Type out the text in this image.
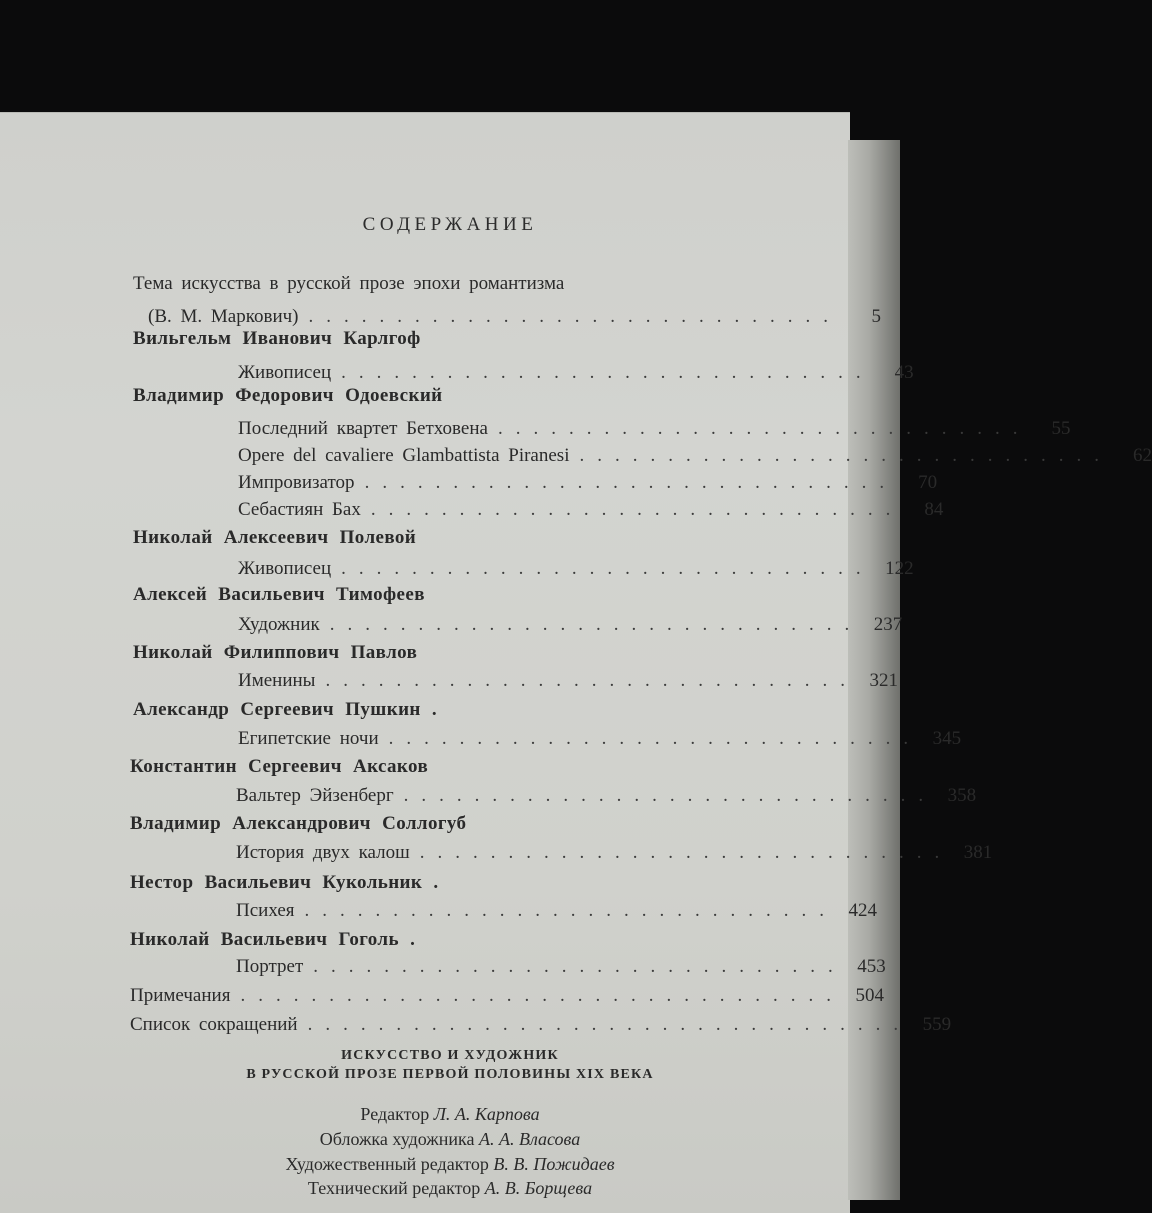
СОДЕРЖАНИЕ
Тема искусства в русской прозе эпохи романтизма
(В. М. Маркович) ..............................	5
Вильгельм Иванович Карлгоф
Живописец ..............................	43
Владимир Федорович Одоевский
Последний квартет Бетховена ..............................	55
Opere del cavaliere Glambattista Piranesi ..............................	62
Импровизатор ..............................	70
Себастиян Бах ..............................	84
Николай Алексеевич Полевой
Живописец .............................. 122
Алексей Васильевич Тимофеев
Художник .............................. 237
Николай Филиппович Павлов
Именины .............................. 321
Александр Сергеевич Пушкин .
Египетские ночи .............................. 345
Константин Сергеевич Аксаков
Вальтер Эйзенберг .............................. 358
Владимир Александрович Соллогуб
История двух калош .............................. 381
Нестор Васильевич Кукольник .
Психея .............................. 424
Николай Васильевич Гоголь .
Портрет .............................. 453
Примечания .................................. 504
Список сокращений .................................. 559
ИСКУССТВО И ХУДОЖНИК
В РУССКОЙ ПРОЗЕ ПЕРВОЙ ПОЛОВИНЫ XIX ВЕКА
Редактор Л. А. Карпова
Обложка художника А. А. Власова
Художественный редактор В. В. Пожидаев
Технический редактор А. В. Борщева
